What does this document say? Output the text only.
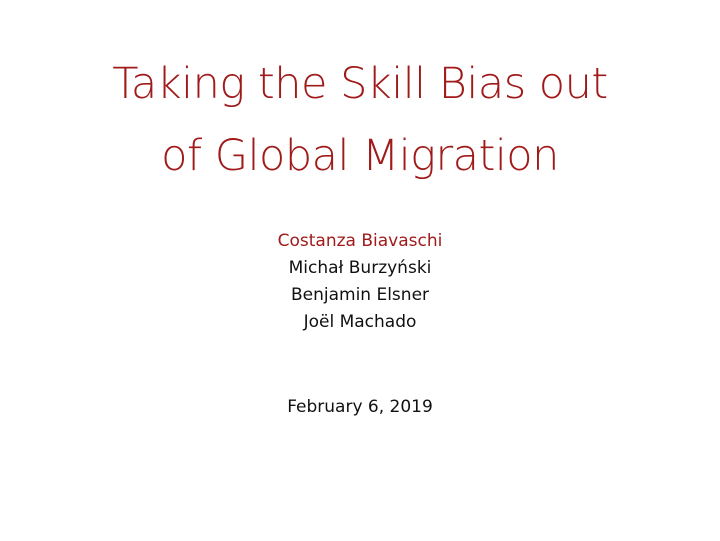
Taking the Skill Bias out
of Global Migration
Costanza Biavaschi
Michał Burzyński
Benjamin Elsner
Joël Machado
February 6, 2019
